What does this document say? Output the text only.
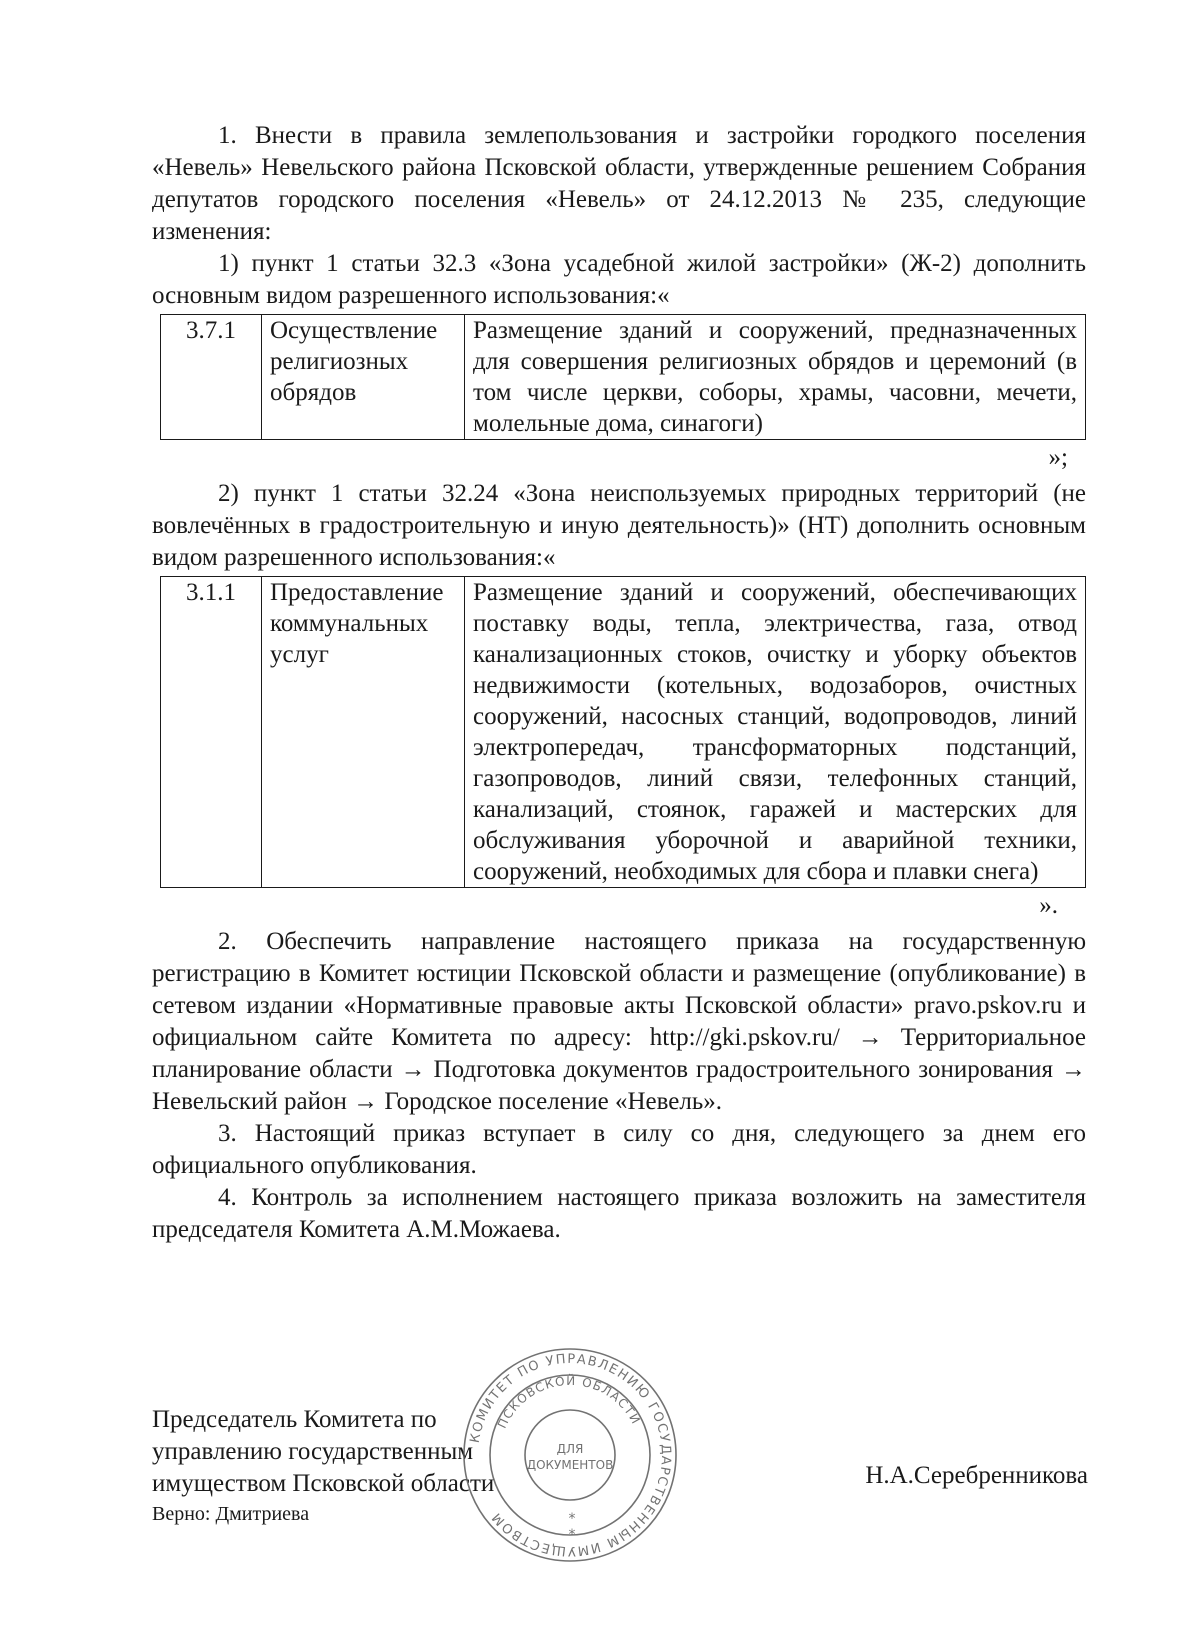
1. Внести в правила землепользования и застройки городкого поселения «Невель» Невельского района Псковской области, утвержденные решением Собрания депутатов городского поселения «Невель» от 24.12.2013 № 235, следующие изменения:

1) пункт 1 статьи 32.3 «Зона усадебной жилой застройки» (Ж-2) дополнить основным видом разрешенного использования:«

3.7.1	Осуществление религиозных обрядов	Размещение зданий и сооружений, предназначенных для совершения религиозных обрядов и церемоний (в том числе церкви, соборы, храмы, часовни, мечети, молельные дома, синагоги)

»;

2) пункт 1 статьи 32.24 «Зона неиспользуемых природных территорий (не вовлечённых в градостроительную и иную деятельность)» (НТ) дополнить основным видом разрешенного использования:«

3.1.1	Предоставление коммунальных услуг	Размещение зданий и сооружений, обеспечивающих поставку воды, тепла, электричества, газа, отвод канализационных стоков, очистку и уборку объектов недвижимости (котельных, водозаборов, очистных сооружений, насосных станций, водопроводов, линий электропередач, трансформаторных подстанций, газопроводов, линий связи, телефонных станций, канализаций, стоянок, гаражей и мастерских для обслуживания уборочной и аварийной техники, сооружений, необходимых для сбора и плавки снега)

».

2. Обеспечить направление настоящего приказа на государственную регистрацию в Комитет юстиции Псковской области и размещение (опубликование) в сетевом издании «Нормативные правовые акты Псковской области» pravo.pskov.ru и официальном сайте Комитета по адресу: http://gki.pskov.ru/ → Территориальное планирование области → Подготовка документов градостроительного зонирования → Невельский район → Городское поселение «Невель».

3. Настоящий приказ вступает в силу со дня, следующего за днем его официального опубликования.

4. Контроль за исполнением настоящего приказа возложить на заместителя председателя Комитета А.М.Можаева.

Председатель Комитета по
управлению государственным
имуществом Псковской области
Верно: Дмитриева
Н.А.Серебренникова
КОМИТЕТ ПО УПРАВЛЕНИЮ ГОСУДАРСТВЕННЫМ ИМУЩЕСТВОМ
ПСКОВСКОЙ ОБЛАСТИ
ДЛЯ
ДОКУМЕНТОВ
*
*
